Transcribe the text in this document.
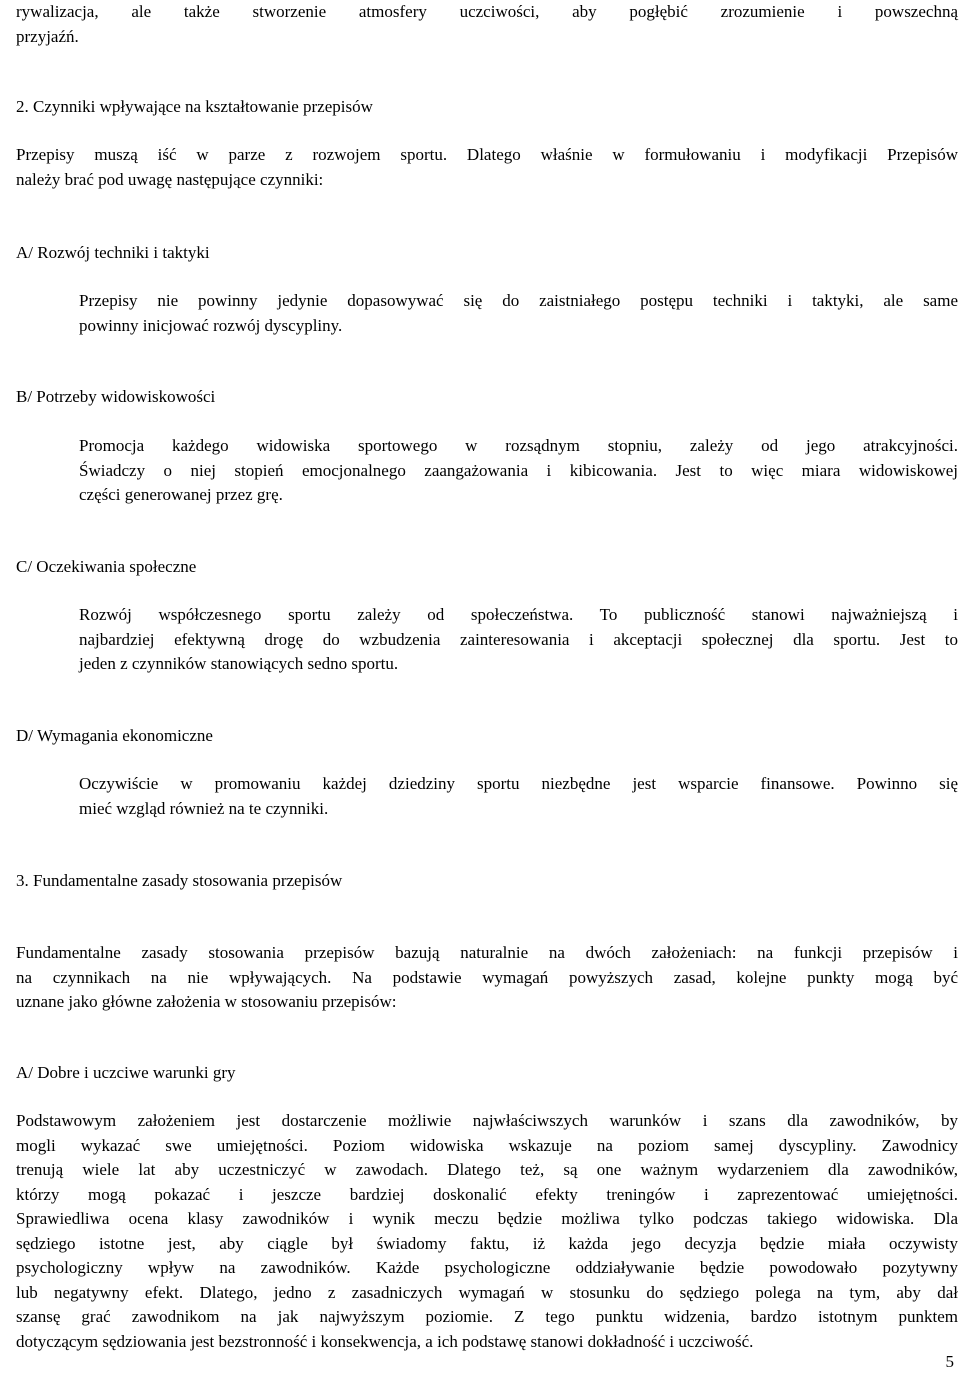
rywalizacja, ale także stworzenie atmosfery uczciwości, aby pogłębić zrozumienie i powszechną
przyjaźń.
2. Czynniki wpływające na kształtowanie przepisów
Przepisy muszą iść w parze z rozwojem sportu. Dlatego właśnie w formułowaniu i modyfikacji Przepisów
należy brać pod uwagę następujące czynniki:
A/ Rozwój techniki i taktyki
Przepisy nie powinny jedynie dopasowywać się do zaistniałego postępu techniki i taktyki, ale same
powinny inicjować rozwój dyscypliny.
B/ Potrzeby widowiskowości
Promocja każdego widowiska sportowego w rozsądnym stopniu, zależy od jego atrakcyjności.
Świadczy o niej stopień emocjonalnego zaangażowania i kibicowania. Jest to więc miara widowiskowej
części generowanej przez grę.
C/ Oczekiwania społeczne
Rozwój współczesnego sportu zależy od społeczeństwa. To publiczność stanowi najważniejszą i
najbardziej efektywną drogę do wzbudzenia zainteresowania i akceptacji społecznej dla sportu. Jest to
jeden z czynników stanowiących sedno sportu.
D/ Wymagania ekonomiczne
Oczywiście w promowaniu każdej dziedziny sportu niezbędne jest wsparcie finansowe. Powinno się
mieć wzgląd również na te czynniki.
3. Fundamentalne zasady stosowania przepisów
Fundamentalne zasady stosowania przepisów bazują naturalnie na dwóch założeniach: na funkcji przepisów i
na czynnikach na nie wpływających. Na podstawie wymagań powyższych zasad, kolejne punkty mogą być
uznane jako główne założenia w stosowaniu przepisów:
A/ Dobre i uczciwe warunki gry
Podstawowym założeniem jest dostarczenie możliwie najwłaściwszych warunków i szans dla zawodników, by
mogli wykazać swe umiejętności. Poziom widowiska wskazuje na poziom samej dyscypliny. Zawodnicy
trenują wiele lat aby uczestniczyć w zawodach. Dlatego też, są one ważnym wydarzeniem dla zawodników,
którzy mogą pokazać i jeszcze bardziej doskonalić efekty treningów i zaprezentować umiejętności.
Sprawiedliwa ocena klasy zawodników i wynik meczu będzie możliwa tylko podczas takiego widowiska. Dla
sędziego istotne jest, aby ciągle był świadomy faktu, iż każda jego decyzja będzie miała oczywisty
psychologiczny wpływ na zawodników. Każde psychologiczne oddziaływanie będzie powodowało pozytywny
lub negatywny efekt. Dlatego, jedno z zasadniczych wymagań w stosunku do sędziego polega na tym, aby dał
szansę grać zawodnikom na jak najwyższym poziomie. Z tego punktu widzenia, bardzo istotnym punktem
dotyczącym sędziowania jest bezstronność i konsekwencja, a ich podstawę stanowi dokładność i uczciwość.
5
